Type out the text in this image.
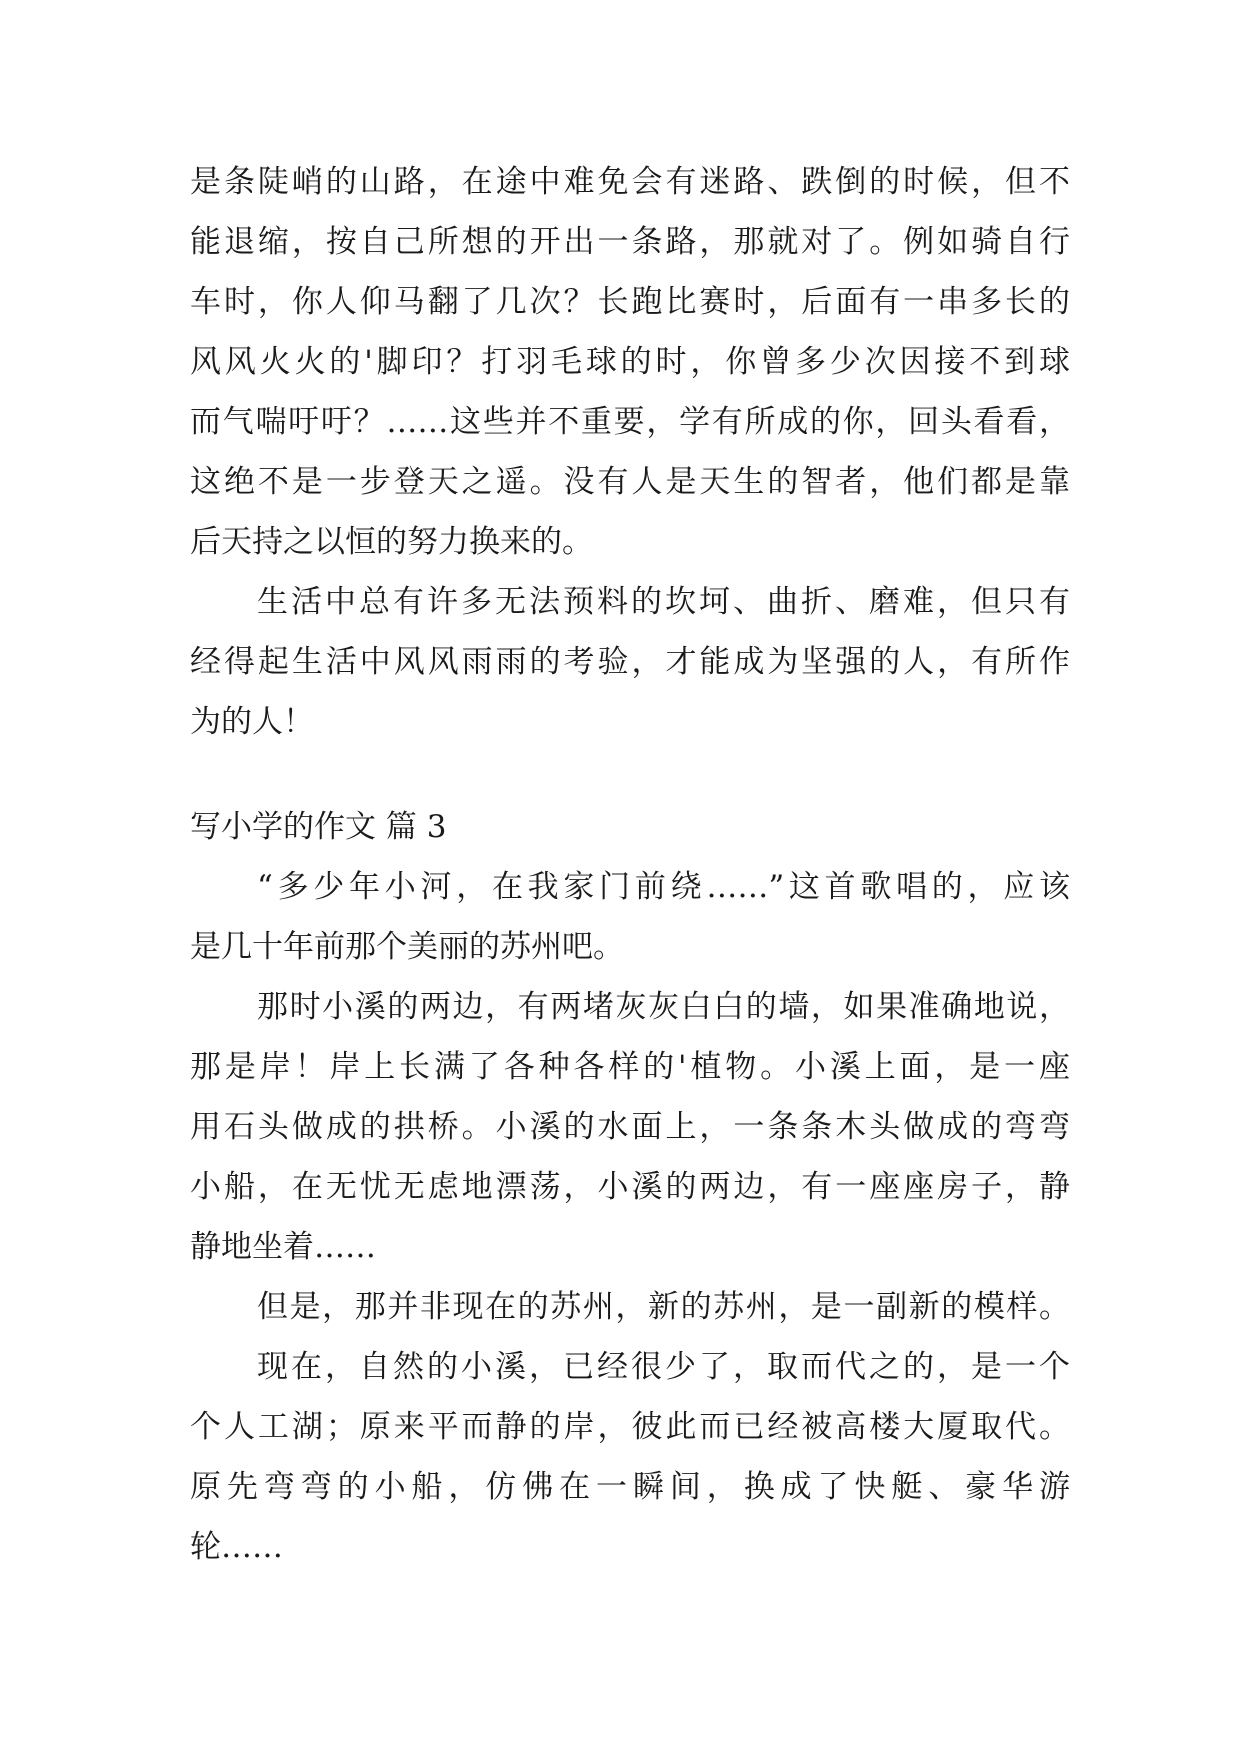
是条陡峭的山路，在途中难免会有迷路、跌倒的时候，但不
能退缩，按自己所想的开出一条路，那就对了。例如骑自行
车时，你人仰马翻了几次？长跑比赛时，后面有一串多长的
风风火火的'脚印？打羽毛球的时，你曾多少次因接不到球
而气喘吁吁？……这些并不重要，学有所成的你，回头看看，
这绝不是一步登天之遥。没有人是天生的智者，他们都是靠
后天持之以恒的努力换来的。
生活中总有许多无法预料的坎坷、曲折、磨难，但只有
经得起生活中风风雨雨的考验，才能成为坚强的人，有所作
为的人！
写小学的作文 篇 3
“多少年小河，在我家门前绕……”这首歌唱的，应该
是几十年前那个美丽的苏州吧。
那时小溪的两边，有两堵灰灰白白的墙，如果准确地说，
那是岸！岸上长满了各种各样的'植物。小溪上面，是一座
用石头做成的拱桥。小溪的水面上，一条条木头做成的弯弯
小船，在无忧无虑地漂荡，小溪的两边，有一座座房子，静
静地坐着……
但是，那并非现在的苏州，新的苏州，是一副新的模样。
现在，自然的小溪，已经很少了，取而代之的，是一个
个人工湖；原来平而静的岸，彼此而已经被高楼大厦取代。
原先弯弯的小船，仿佛在一瞬间，换成了快艇、豪华游
轮……
